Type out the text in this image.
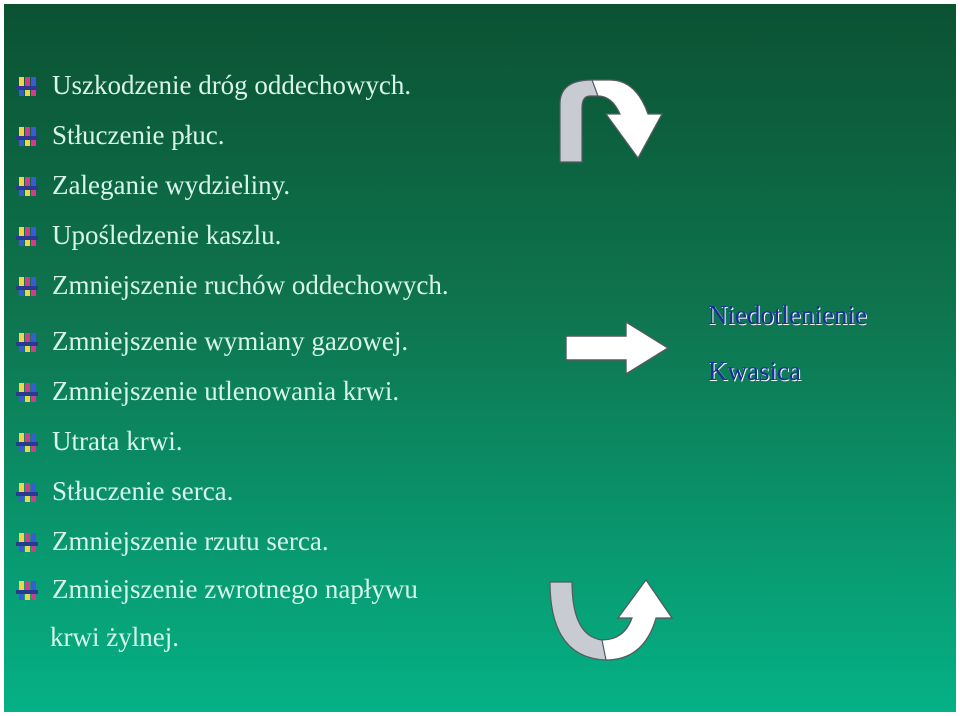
Uszkodzenie dróg oddechowych.
Stłuczenie płuc.
Zaleganie wydzieliny.
Upośledzenie kaszlu.
Zmniejszenie ruchów oddechowych.
Zmniejszenie wymiany gazowej.
Zmniejszenie utlenowania krwi.
Utrata krwi.
Stłuczenie serca.
Zmniejszenie rzutu serca.
Zmniejszenie zwrotnego napływu
krwi żylnej.
Niedotlenienie
Kwasica
